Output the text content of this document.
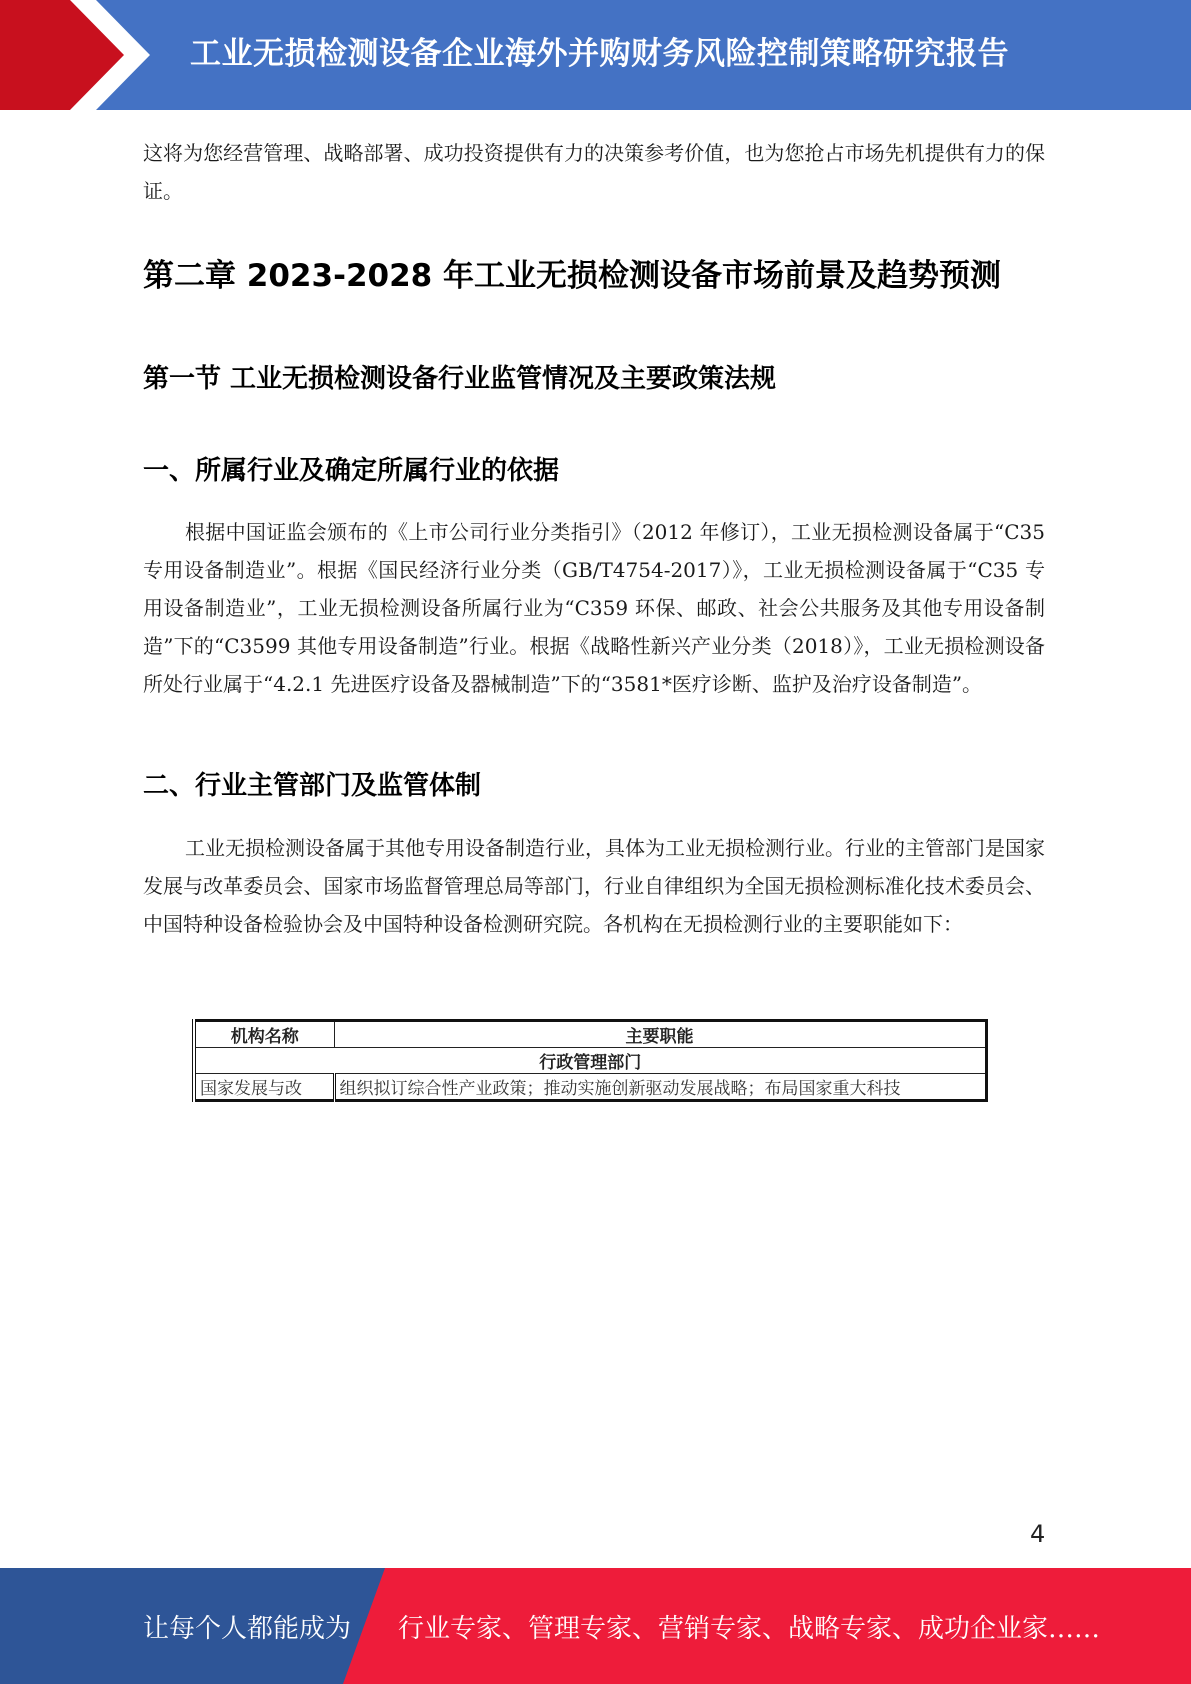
工业无损检测设备企业海外并购财务风险控制策略研究报告
这将为您经营管理、战略部署、成功投资提供有力的决策参考价值，也为您抢占市场先机提供有力的保证。
第二章 2023-2028 年工业无损检测设备市场前景及趋势预测
第一节 工业无损检测设备行业监管情况及主要政策法规
一、所属行业及确定所属行业的依据
根据中国证监会颁布的《上市公司行业分类指引》（2012 年修订），工业无损检测设备属于“C35 专用设备制造业”。根据《国民经济行业分类（GB/T4754-2017）》，工业无损检测设备属于“C35 专用设备制造业”，工业无损检测设备所属行业为“C359 环保、邮政、社会公共服务及其他专用设备制造”下的“C3599 其他专用设备制造”行业。根据《战略性新兴产业分类（2018）》，工业无损检测设备所处行业属于“4.2.1 先进医疗设备及器械制造”下的“3581*医疗诊断、监护及治疗设备制造”。
二、行业主管部门及监管体制
工业无损检测设备属于其他专用设备制造行业，具体为工业无损检测行业。行业的主管部门是国家发展与改革委员会、国家市场监督管理总局等部门，行业自律组织为全国无损检测标准化技术委员会、中国特种设备检验协会及中国特种设备检测研究院。各机构在无损检测行业的主要职能如下：
机构名称	主要职能
行政管理部门	
国家发展与改	组织拟订综合性产业政策；推动实施创新驱动发展战略；布局国家重大科技
4
让每个人都能成为 行业专家、管理专家、营销专家、战略专家、成功企业家……
